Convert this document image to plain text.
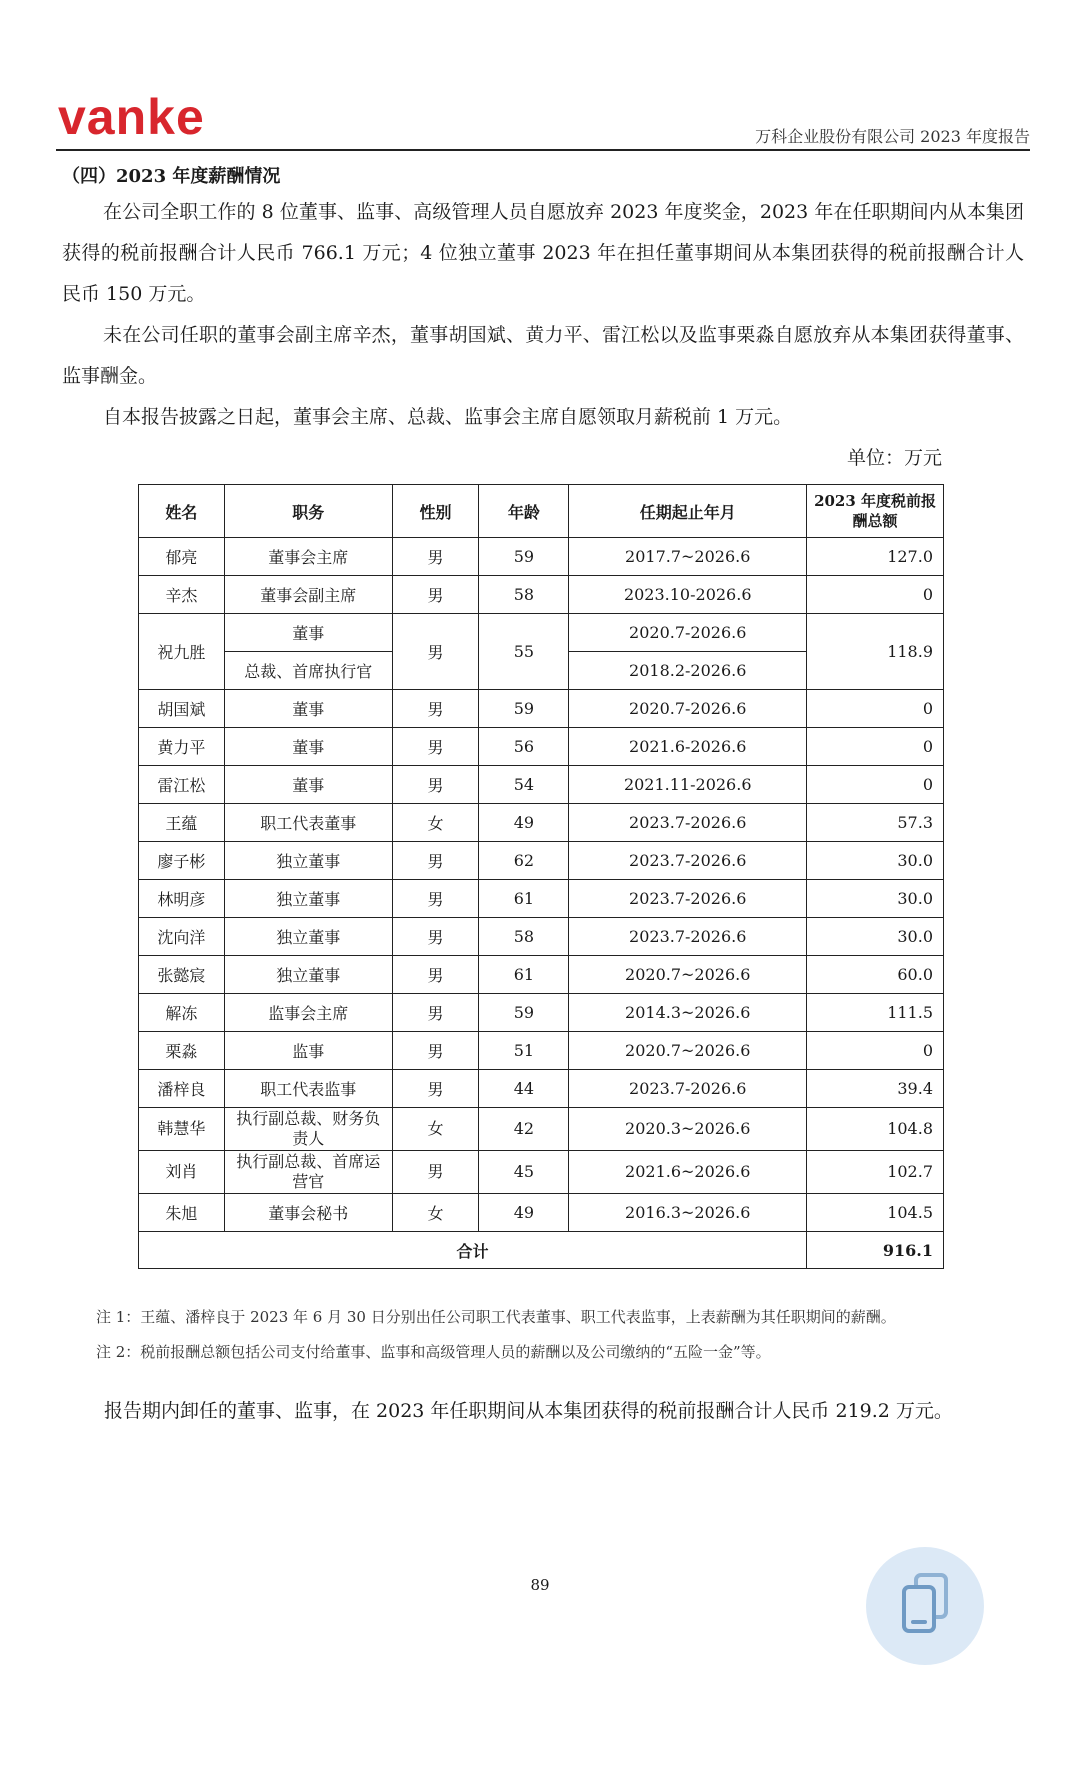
vanke	万科企业股份有限公司 2023 年度报告
（四）2023 年度薪酬情况
在公司全职工作的 8 位董事、监事、高级管理人员自愿放弃 2023 年度奖金，2023 年在任职期间内从本集团获得的税前报酬合计人民币 766.1 万元；4 位独立董事 2023 年在担任董事期间从本集团获得的税前报酬合计人民币 150 万元。
未在公司任职的董事会副主席辛杰，董事胡国斌、黄力平、雷江松以及监事栗淼自愿放弃从本集团获得董事、监事酬金。
自本报告披露之日起，董事会主席、总裁、监事会主席自愿领取月薪税前 1 万元。
单位：万元
姓名	职务	性别	年龄	任期起止年月	2023 年度税前报酬总额
郁亮	董事会主席	男	59	2017.7~2026.6	127.0
辛杰	董事会副主席	男	58	2023.10-2026.6	0
祝九胜	董事	男	55	2020.7-2026.6	118.9
	总裁、首席执行官			2018.2-2026.6	
胡国斌	董事	男	59	2020.7-2026.6	0
黄力平	董事	男	56	2021.6-2026.6	0
雷江松	董事	男	54	2021.11-2026.6	0
王蕴	职工代表董事	女	49	2023.7-2026.6	57.3
廖子彬	独立董事	男	62	2023.7-2026.6	30.0
林明彦	独立董事	男	61	2023.7-2026.6	30.0
沈向洋	独立董事	男	58	2023.7-2026.6	30.0
张懿宸	独立董事	男	61	2020.7~2026.6	60.0
解冻	监事会主席	男	59	2014.3~2026.6	111.5
栗淼	监事	男	51	2020.7~2026.6	0
潘梓良	职工代表监事	男	44	2023.7-2026.6	39.4
韩慧华	执行副总裁、财务负责人	女	42	2020.3~2026.6	104.8
刘肖	执行副总裁、首席运营官	男	45	2021.6~2026.6	102.7
朱旭	董事会秘书	女	49	2016.3~2026.6	104.5
合计					916.1
注 1：王蕴、潘梓良于 2023 年 6 月 30 日分别出任公司职工代表董事、职工代表监事，上表薪酬为其任职期间的薪酬。
注 2：税前报酬总额包括公司支付给董事、监事和高级管理人员的薪酬以及公司缴纳的“五险一金”等。
报告期内卸任的董事、监事，在 2023 年任职期间从本集团获得的税前报酬合计人民币 219.2 万元。
89
